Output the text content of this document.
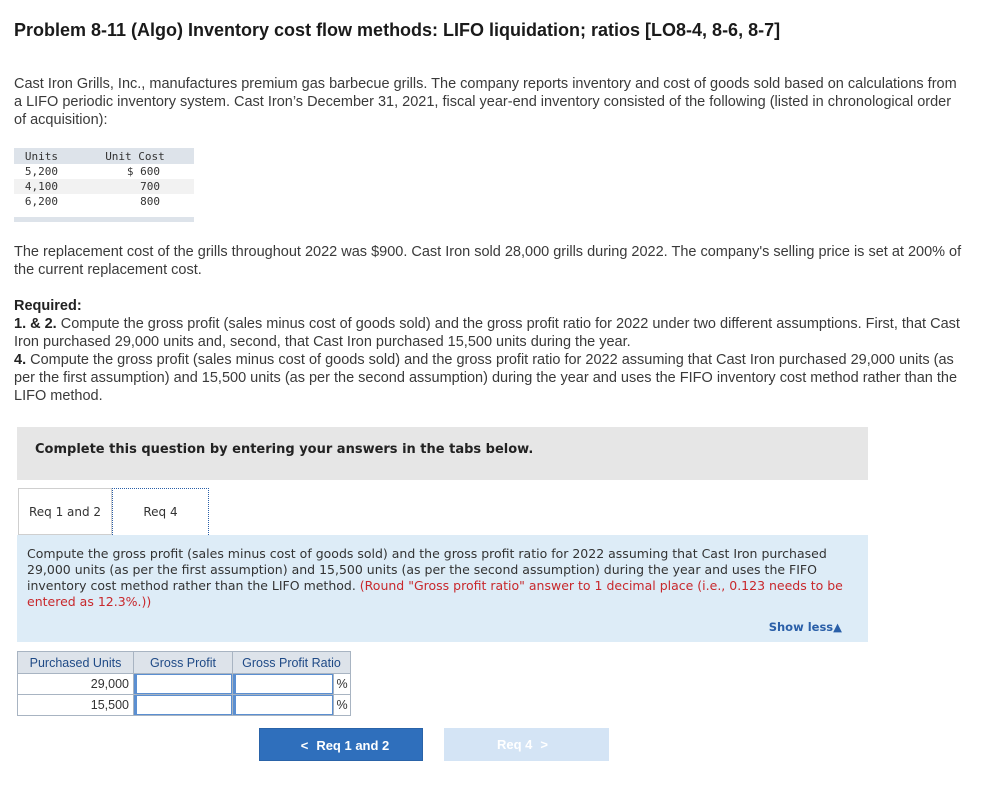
Problem 8-11 (Algo) Inventory cost flow methods: LIFO liquidation; ratios [LO8-4, 8-6, 8-7]
Cast Iron Grills, Inc., manufactures premium gas barbecue grills. The company reports inventory and cost of goods sold based on calculations from a LIFO periodic inventory system. Cast Iron’s December 31, 2021, fiscal year-end inventory consisted of the following (listed in chronological order of acquisition):
Units	Unit Cost
5,200	$ 600
4,100	700
6,200	800

The replacement cost of the grills throughout 2022 was $900. Cast Iron sold 28,000 grills during 2022. The company's selling price is set at 200% of the current replacement cost.
Required:
1. & 2. Compute the gross profit (sales minus cost of goods sold) and the gross profit ratio for 2022 under two different assumptions. First, that Cast Iron purchased 29,000 units and, second, that Cast Iron purchased 15,500 units during the year.
4. Compute the gross profit (sales minus cost of goods sold) and the gross profit ratio for 2022 assuming that Cast Iron purchased 29,000 units (as per the first assumption) and 15,500 units (as per the second assumption) during the year and uses the FIFO inventory cost method rather than the LIFO method.
Complete this question by entering your answers in the tabs below.
Req 1 and 2	Req 4
Compute the gross profit (sales minus cost of goods sold) and the gross profit ratio for 2022 assuming that Cast Iron purchased 29,000 units (as per the first assumption) and 15,500 units (as per the second assumption) during the year and uses the FIFO inventory cost method rather than the LIFO method. (Round "Gross profit ratio" answer to 1 decimal place (i.e., 0.123 needs to be entered as 12.3%.))
Show less▲
Purchased Units	Gross Profit	Gross Profit Ratio	
29,000			%
15,500			%
< Req 1 and 2	Req 4 >
